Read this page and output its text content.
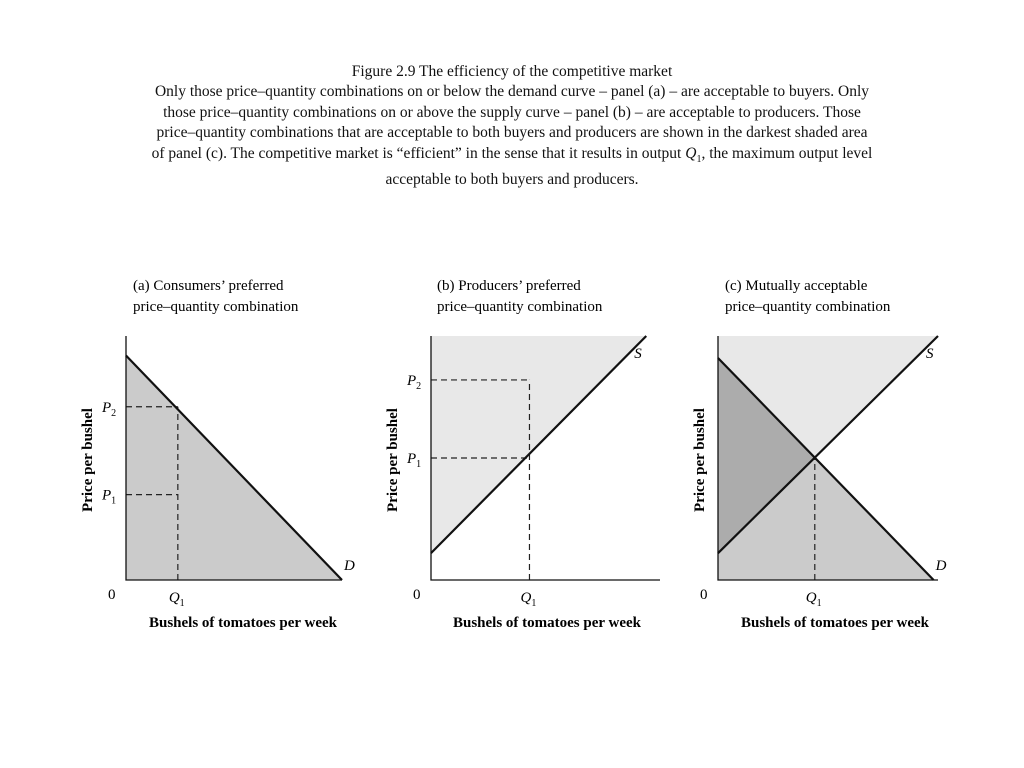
Figure 2.9 The efficiency of the competitive market

Only those price–quantity combinations on or below the demand curve – panel (a) – are acceptable to buyers. Only those price–quantity combinations on or above the supply curve – panel (b) – are acceptable to producers. Those price–quantity combinations that are acceptable to both buyers and producers are shown in the darkest shaded area of panel (c). The competitive market is “efficient” in the sense that it results in output $Q_1$, the maximum output level acceptable to both buyers and producers.

$P_2$
$P_1$
$Q_1$
D
0
(a) Consumers’ preferred
price–quantity combination
Bushels of tomatoes per week
Price per bushel
$P_2$
$P_1$
$Q_1$
S
0
(b) Producers’ preferred
price–quantity combination
Bushels of tomatoes per week
Price per bushel
$Q_1$
S
D
0
(c) Mutually acceptable
price–quantity combination
Bushels of tomatoes per week
Price per bushel
